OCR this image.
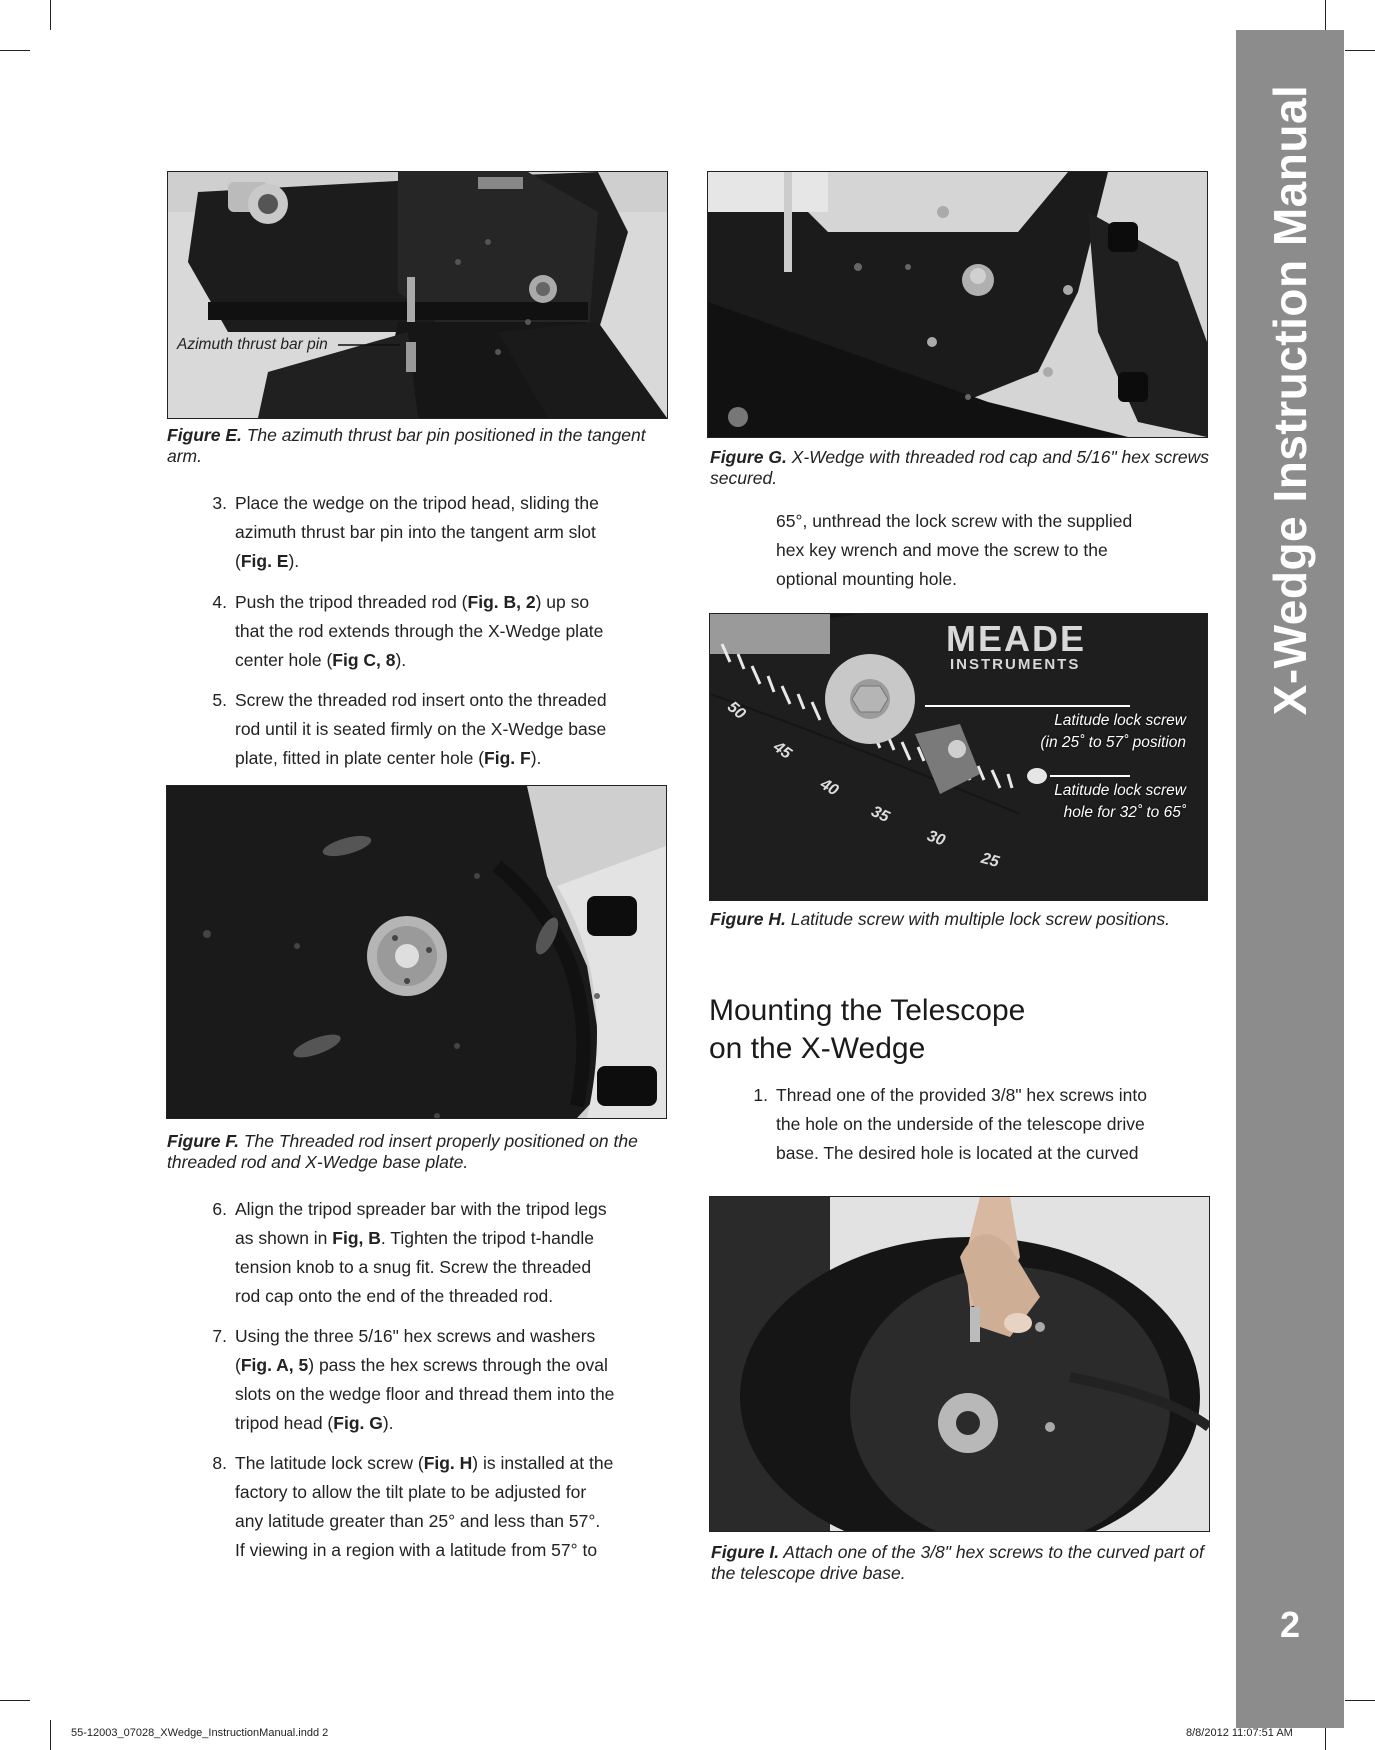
X-Wedge Instruction Manual
2
Azimuth thrust bar pin
Figure E. The azimuth thrust bar pin positioned in the tangent arm.
3. Place the wedge on the tripod head, sliding the
azimuth thrust bar pin into the tangent arm slot
(Fig. E).
4. Push the tripod threaded rod (Fig. B, 2) up so
that the rod extends through the X-Wedge plate
center hole (Fig C, 8).
5. Screw the threaded rod insert onto the threaded
rod until it is seated firmly on the X-Wedge base
plate, fitted in plate center hole (Fig. F).
Figure F. The Threaded rod insert properly positioned on the threaded rod and X-Wedge base plate.
6. Align the tripod spreader bar with the tripod legs
as shown in Fig, B. Tighten the tripod t-handle
tension knob to a snug fit. Screw the threaded
rod cap onto the end of the threaded rod.
7. Using the three 5/16" hex screws and washers
(Fig. A, 5) pass the hex screws through the oval
slots on the wedge floor and thread them into the
tripod head (Fig. G).
8. The latitude lock screw (Fig. H) is installed at the
factory to allow the tilt plate to be adjusted for
any latitude greater than 25° and less than 57°.
If viewing in a region with a latitude from 57° to
Figure G. X-Wedge with threaded rod cap and 5/16" hex screws secured.
65°, unthread the lock screw with the supplied
hex key wrench and move the screw to the
optional mounting hole.
MEADE
INSTRUMENTS
50
45
40
35
30
25
Latitude lock screw
(in 25˚ to 57˚ position
Latitude lock screw
hole for 32˚ to 65˚
Figure H. Latitude screw with multiple lock screw positions.
Mounting the Telescope
on the X-Wedge
1. Thread one of the provided 3/8" hex screws into
the hole on the underside of the telescope drive
base. The desired hole is located at the curved
Figure I. Attach one of the 3/8" hex screws to the curved part of the telescope drive base.
55-12003_07028_XWedge_InstructionManual.indd 2	8/8/2012 11:07:51 AM
